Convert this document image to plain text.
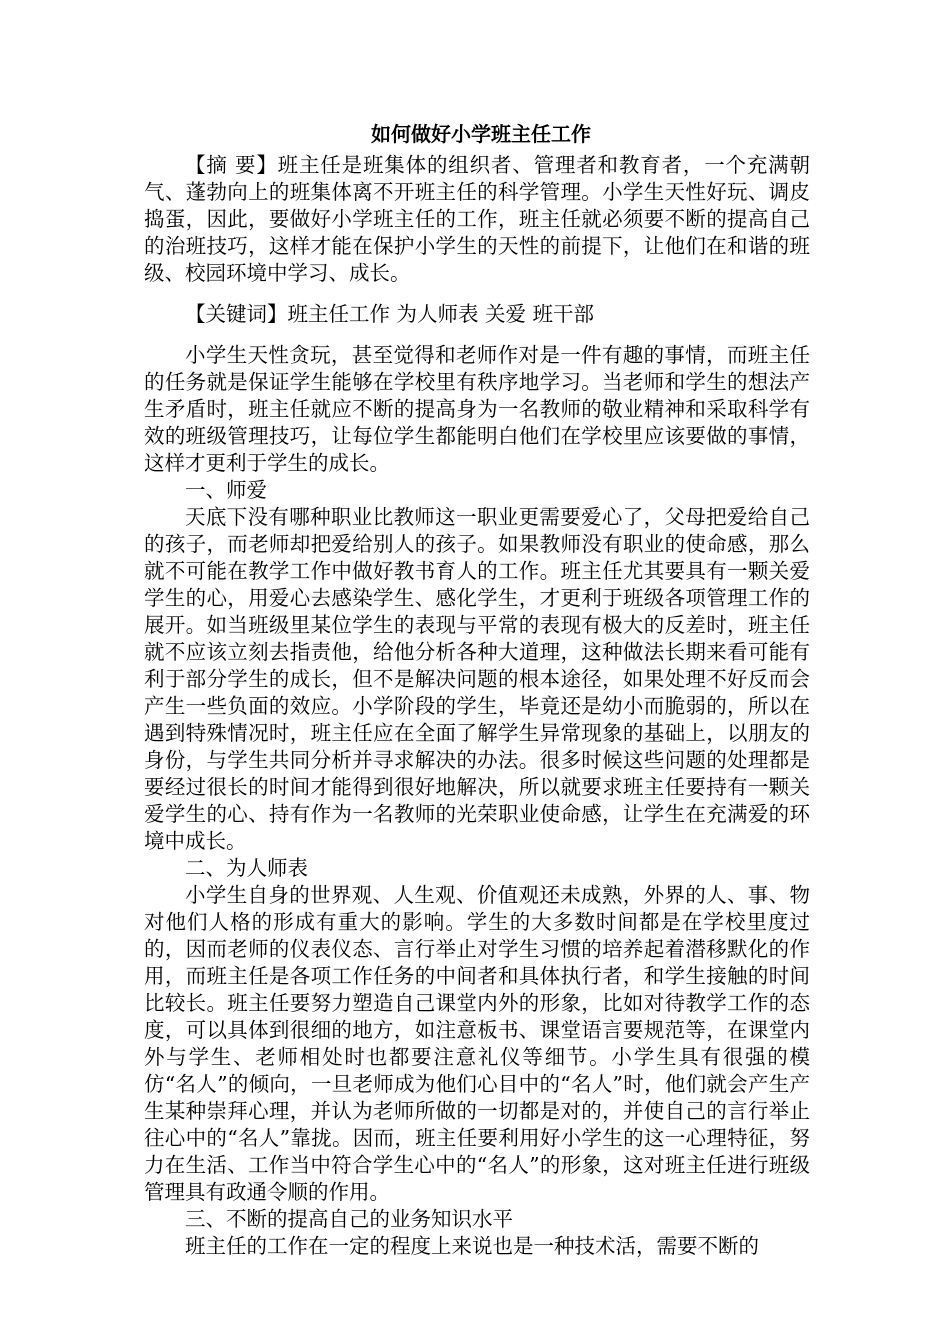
如何做好小学班主任工作

【摘 要】班主任是班集体的组织者、管理者和教育者，一个充满朝气、蓬勃向上的班集体离不开班主任的科学管理。小学生天性好玩、调皮捣蛋，因此，要做好小学班主任的工作，班主任就必须要不断的提高自己的治班技巧，这样才能在保护小学生的天性的前提下，让他们在和谐的班级、校园环境中学习、成长。

【关键词】班主任工作 为人师表 关爱 班干部

小学生天性贪玩，甚至觉得和老师作对是一件有趣的事情，而班主任的任务就是保证学生能够在学校里有秩序地学习。当老师和学生的想法产生矛盾时，班主任就应不断的提高身为一名教师的敬业精神和采取科学有效的班级管理技巧，让每位学生都能明白他们在学校里应该要做的事情，这样才更利于学生的成长。

一、师爱

天底下没有哪种职业比教师这一职业更需要爱心了，父母把爱给自己的孩子，而老师却把爱给别人的孩子。如果教师没有职业的使命感，那么就不可能在教学工作中做好教书育人的工作。班主任尤其要具有一颗关爱学生的心，用爱心去感染学生、感化学生，才更利于班级各项管理工作的展开。如当班级里某位学生的表现与平常的表现有极大的反差时，班主任就不应该立刻去指责他，给他分析各种大道理，这种做法长期来看可能有利于部分学生的成长，但不是解决问题的根本途径，如果处理不好反而会产生一些负面的效应。小学阶段的学生，毕竟还是幼小而脆弱的，所以在遇到特殊情况时，班主任应在全面了解学生异常现象的基础上，以朋友的身份，与学生共同分析并寻求解决的办法。很多时候这些问题的处理都是要经过很长的时间才能得到很好地解决，所以就要求班主任要持有一颗关爱学生的心、持有作为一名教师的光荣职业使命感，让学生在充满爱的环境中成长。

二、为人师表

小学生自身的世界观、人生观、价值观还未成熟，外界的人、事、物对他们人格的形成有重大的影响。学生的大多数时间都是在学校里度过的，因而老师的仪表仪态、言行举止对学生习惯的培养起着潜移默化的作用，而班主任是各项工作任务的中间者和具体执行者，和学生接触的时间比较长。班主任要努力塑造自己课堂内外的形象，比如对待教学工作的态度，可以具体到很细的地方，如注意板书、课堂语言要规范等，在课堂内外与学生、老师相处时也都要注意礼仪等细节。小学生具有很强的模仿“名人”的倾向，一旦老师成为他们心目中的“名人”时，他们就会产生产生某种崇拜心理，并认为老师所做的一切都是对的，并使自己的言行举止往心中的“名人”靠拢。因而，班主任要利用好小学生的这一心理特征，努力在生活、工作当中符合学生心中的“名人”的形象，这对班主任进行班级管理具有政通令顺的作用。

三、不断的提高自己的业务知识水平

班主任的工作在一定的程度上来说也是一种技术活，需要不断的
